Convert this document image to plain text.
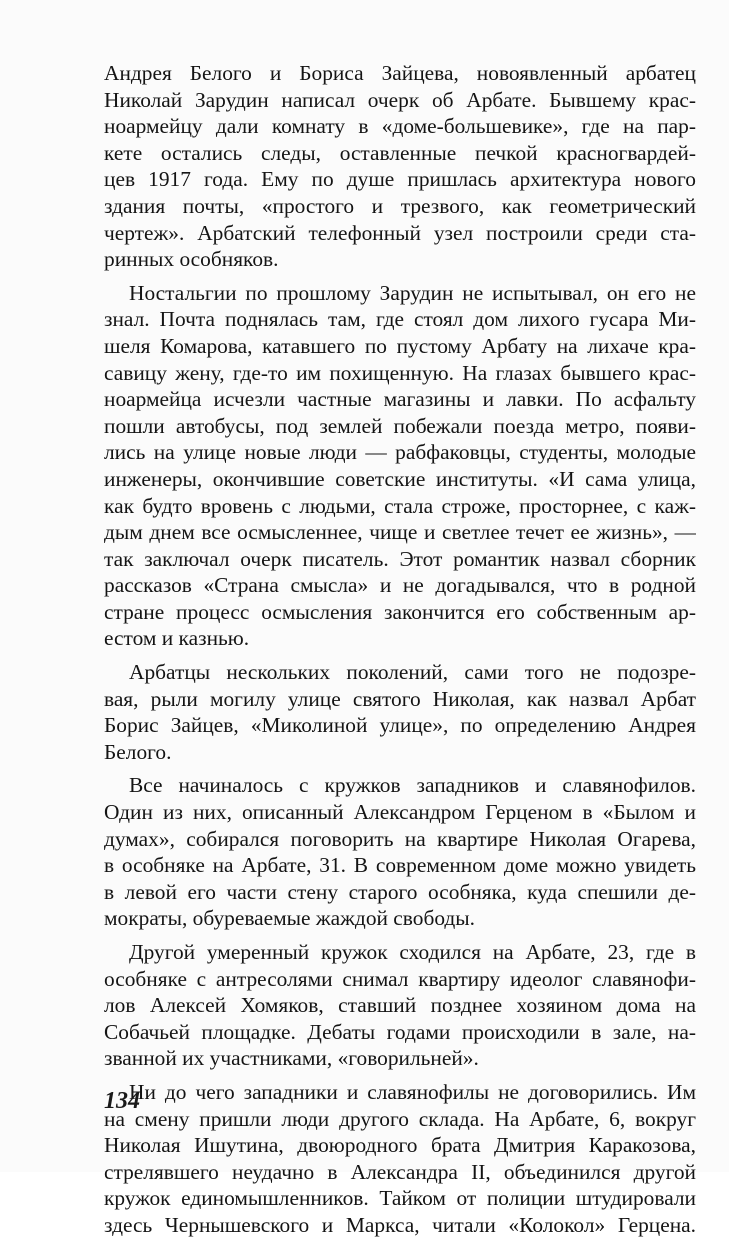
Андрея Белого и Бориса Зайцева, новоявленный арбатец
Николай Зарудин написал очерк об Арбате. Бывшему крас-
ноармейцу дали комнату в «доме-большевике», где на пар-
кете остались следы, оставленные печкой красногвардей-
цев 1917 года. Ему по душе пришлась архитектура нового
здания почты, «простого и трезвого, как геометрический
чертеж». Арбатский телефонный узел построили среди ста-
ринных особняков.
Ностальгии по прошлому Зарудин не испытывал, он его не
знал. Почта поднялась там, где стоял дом лихого гусара Ми-
шеля Комарова, катавшего по пустому Арбату на лихаче кра-
савицу жену, где-то им похищенную. На глазах бывшего крас-
ноармейца исчезли частные магазины и лавки. По асфальту
пошли автобусы, под землей побежали поезда метро, появи-
лись на улице новые люди — рабфаковцы, студенты, молодые
инженеры, окончившие советские институты. «И сама улица,
как будто вровень с людьми, стала строже, просторнее, с каж-
дым днем все осмысленнее, чище и светлее течет ее жизнь», —
так заключал очерк писатель. Этот романтик назвал сборник
рассказов «Страна смысла» и не догадывался, что в родной
стране процесс осмысления закончится его собственным ар-
естом и казнью.
Арбатцы нескольких поколений, сами того не подозре-
вая, рыли могилу улице святого Николая, как назвал Арбат
Борис Зайцев, «Миколиной улице», по определению Андрея
Белого.
Все начиналось с кружков западников и славянофилов.
Один из них, описанный Александром Герценом в «Былом и
думах», собирался поговорить на квартире Николая Огарева,
в особняке на Арбате, 31. В современном доме можно увидеть
в левой его части стену старого особняка, куда спешили де-
мократы, обуреваемые жаждой свободы.
Другой умеренный кружок сходился на Арбате, 23, где в
особняке с антресолями снимал квартиру идеолог славянофи-
лов Алексей Хомяков, ставший позднее хозяином дома на
Собачьей площадке. Дебаты годами происходили в зале, на-
званной их участниками, «говорильней».
Ни до чего западники и славянофилы не договорились. Им
на смену пришли люди другого склада. На Арбате, 6, вокруг
Николая Ишутина, двоюродного брата Дмитрия Каракозова,
стрелявшего неудачно в Александра II, объединился другой
кружок единомышленников. Тайком от полиции штудировали
здесь Чернышевского и Маркса, читали «Колокол» Герцена.
134
